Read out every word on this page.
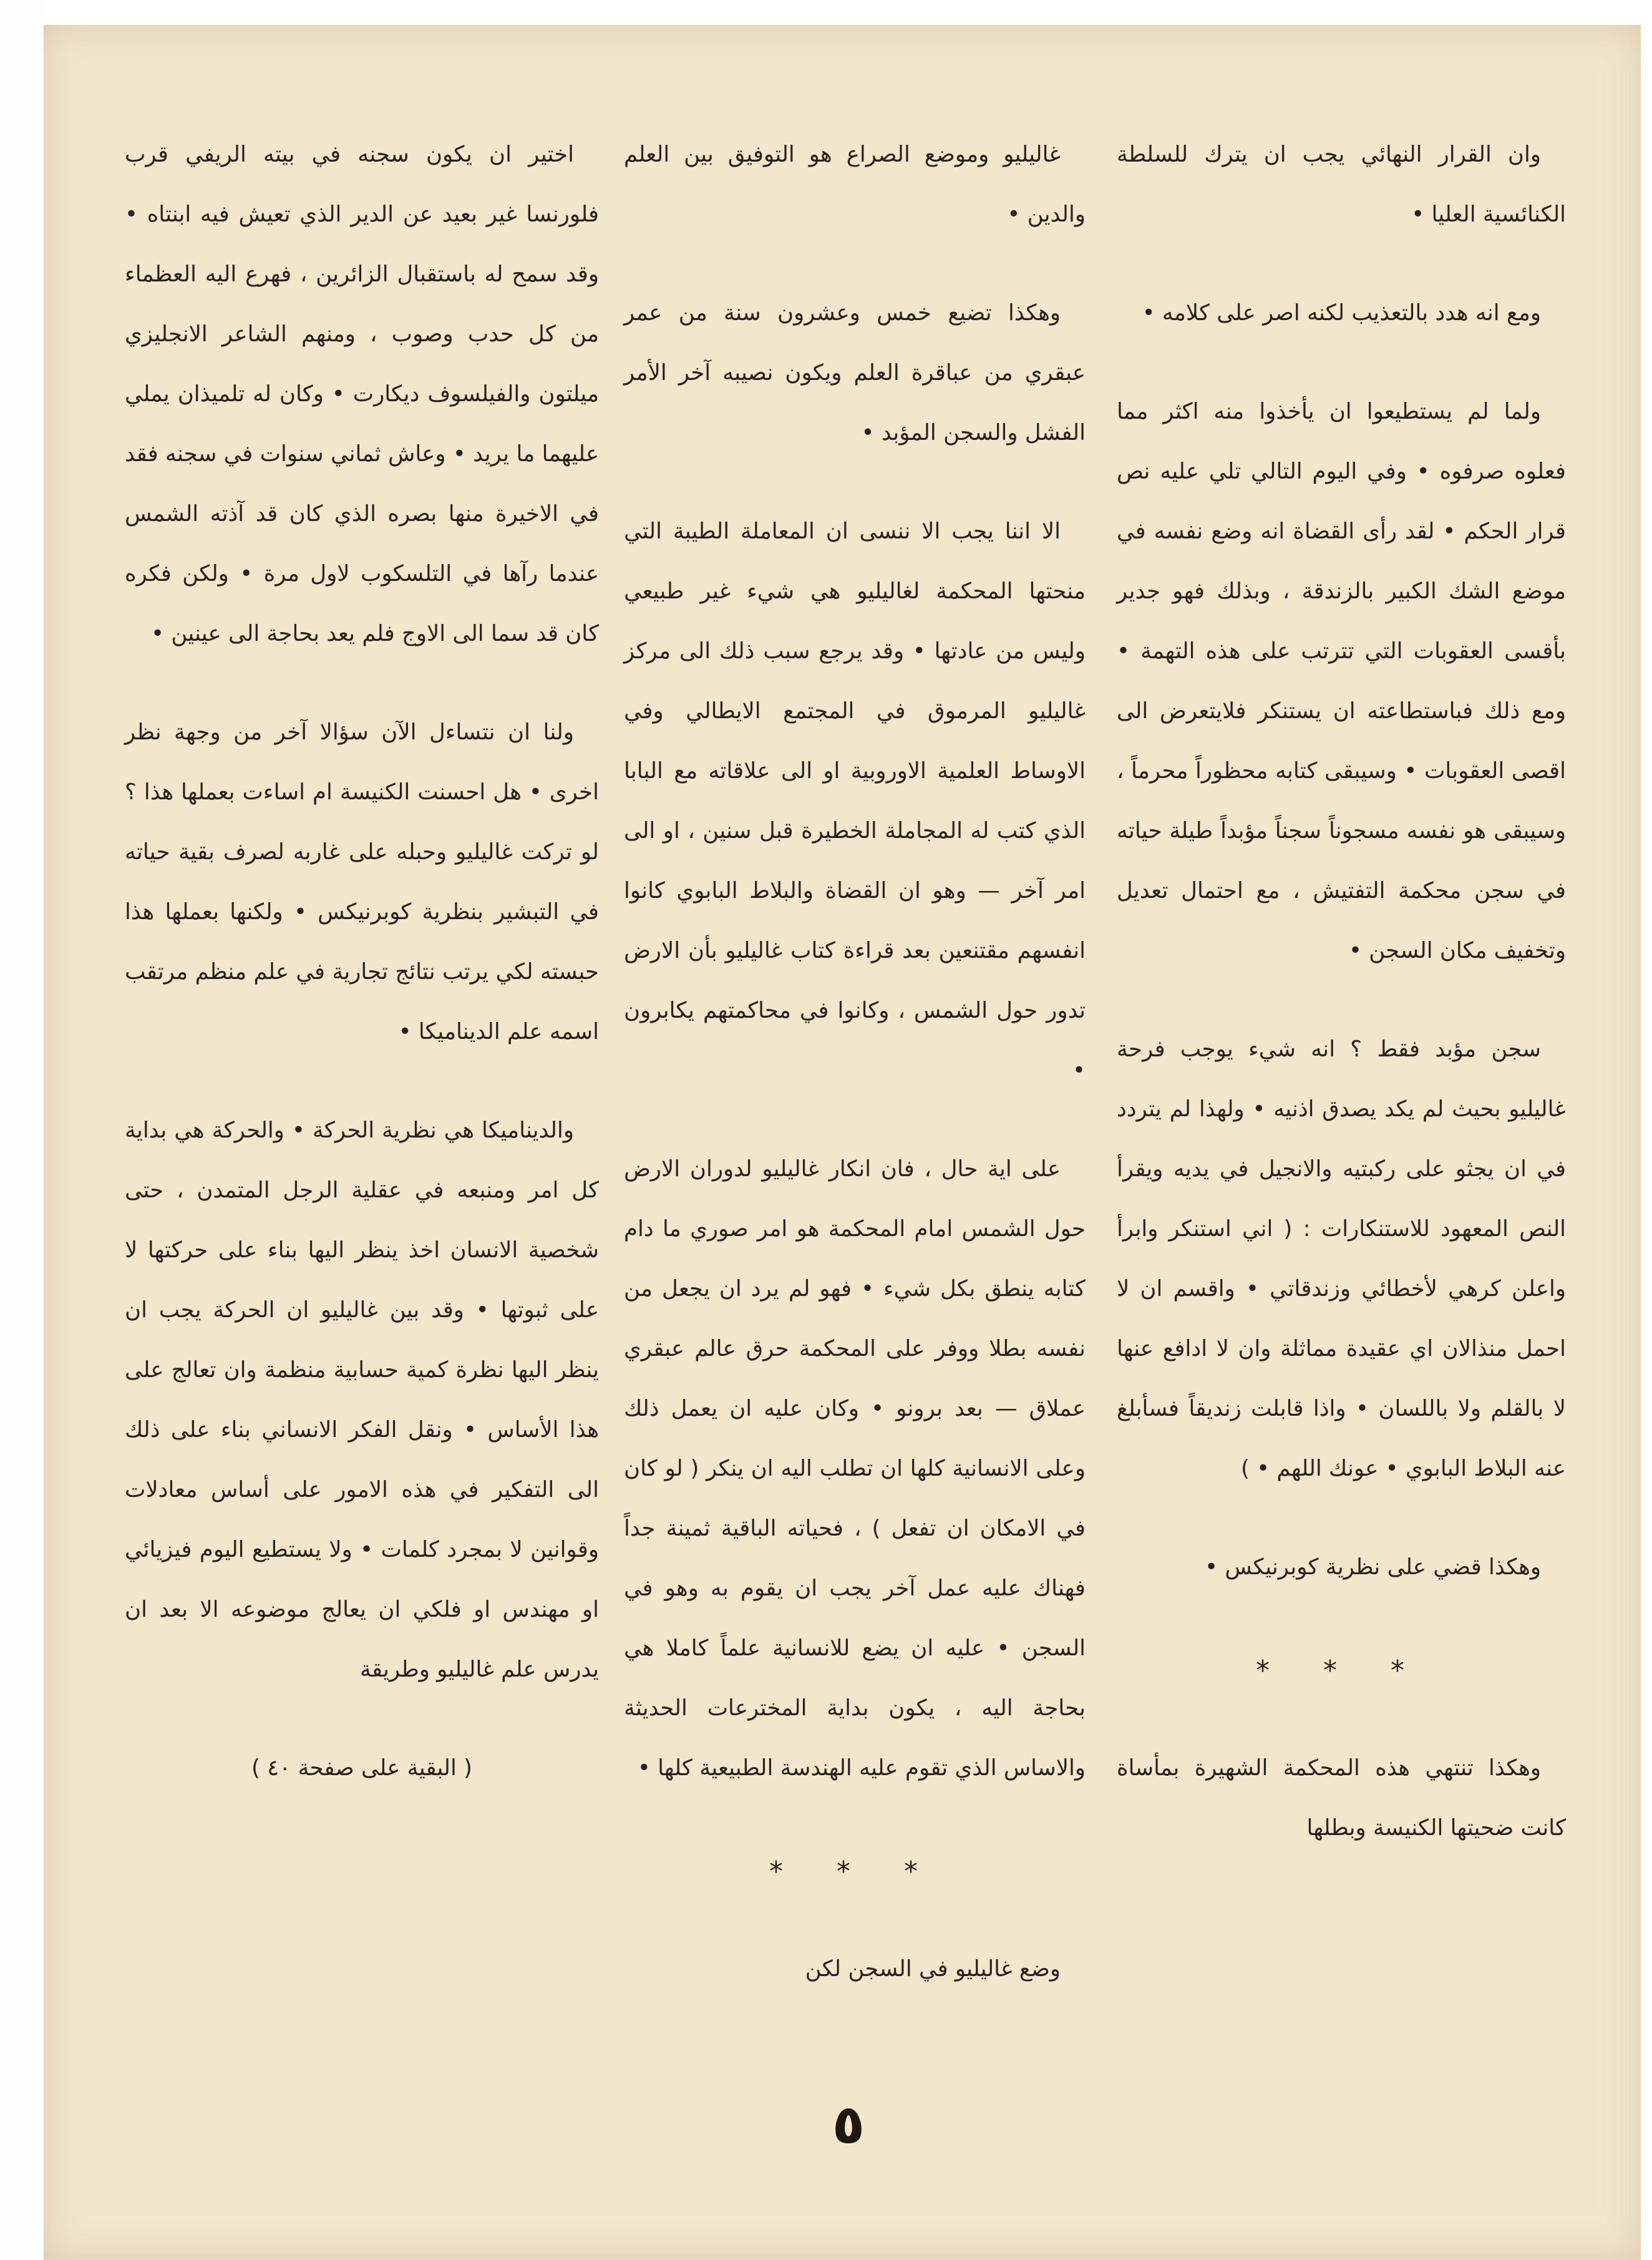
وان القرار النهائي يجب ان يترك للسلطة الكنائسية العليا •

ومع انه هدد بالتعذيب لكنه اصر على كلامه •

ولما لم يستطيعوا ان يأخذوا منه اكثر مما فعلوه صرفوه • وفي اليوم التالي تلي عليه نص قرار الحكم • لقد رأى القضاة انه وضع نفسه في موضع الشك الكبير بالزندقة ، وبذلك فهو جدير بأقسى العقوبات التي تترتب على هذه التهمة • ومع ذلك فباستطاعته ان يستنكر فلايتعرض الى اقصى العقوبات • وسيبقى كتابه محظوراً محرماً ، وسيبقى هو نفسه مسجوناً سجناً مؤبداً طيلة حياته في سجن محكمة التفتيش ، مع احتمال تعديل وتخفيف مكان السجن •

سجن مؤبد فقط ؟ انه شيء يوجب فرحة غاليليو بحيث لم يكد يصدق اذنيه • ولهذا لم يتردد في ان يجثو على ركبتيه والانجيل في يديه ويقرأ النص المعهود للاستنكارات : ( اني استنكر وابرأ واعلن كرهي لأخطائي وزندقاتي • واقسم ان لا احمل منذالان اي عقيدة مماثلة وان لا ادافع عنها لا بالقلم ولا باللسان • واذا قابلت زنديقاً فسأبلغ عنه البلاط البابوي • عونك اللهم • )

وهكذا قضي على نظرية كوبرنيكس •

* * *

وهكذا تنتهي هذه المحكمة الشهيرة بمأساة كانت ضحيتها الكنيسة وبطلها

غاليليو وموضع الصراع هو التوفيق بين العلم والدين •

وهكذا تضيع خمس وعشرون سنة من عمر عبقري من عباقرة العلم ويكون نصيبه آخر الأمر الفشل والسجن المؤبد •

الا اننا يجب الا ننسى ان المعاملة الطيبة التي منحتها المحكمة لغاليليو هي شيء غير طبيعي وليس من عادتها • وقد يرجع سبب ذلك الى مركز غاليليو المرموق في المجتمع الايطالي وفي الاوساط العلمية الاوروبية او الى علاقاته مع البابا الذي كتب له المجاملة الخطيرة قبل سنين ، او الى امر آخر — وهو ان القضاة والبلاط البابوي كانوا انفسهم مقتنعين بعد قراءة كتاب غاليليو بأن الارض تدور حول الشمس ، وكانوا في محاكمتهم يكابرون •

على اية حال ، فان انكار غاليليو لدوران الارض حول الشمس امام المحكمة هو امر صوري ما دام كتابه ينطق بكل شيء • فهو لم يرد ان يجعل من نفسه بطلا ووفر على المحكمة حرق عالم عبقري عملاق — بعد برونو • وكان عليه ان يعمل ذلك وعلى الانسانية كلها ان تطلب اليه ان ينكر ( لو كان في الامكان ان تفعل ) ، فحياته الباقية ثمينة جداً فهناك عليه عمل آخر يجب ان يقوم به وهو في السجن • عليه ان يضع للانسانية علماً كاملا هي بحاجة اليه ، يكون بداية المخترعات الحديثة والاساس الذي تقوم عليه الهندسة الطبيعية كلها •

* * *

وضع غاليليو في السجن لكن

اختير ان يكون سجنه في بيته الريفي قرب فلورنسا غير بعيد عن الدير الذي تعيش فيه ابنتاه • وقد سمح له باستقبال الزائرين ، فهرع اليه العظماء من كل حدب وصوب ، ومنهم الشاعر الانجليزي ميلتون والفيلسوف ديكارت • وكان له تلميذان يملي عليهما ما يريد • وعاش ثماني سنوات في سجنه فقد في الاخيرة منها بصره الذي كان قد آذته الشمس عندما رآها في التلسكوب لاول مرة • ولكن فكره كان قد سما الى الاوج فلم يعد بحاجة الى عينين •

ولنا ان نتساءل الآن سؤالا آخر من وجهة نظر اخرى • هل احسنت الكنيسة ام اساءت بعملها هذا ؟ لو تركت غاليليو وحبله على غاربه لصرف بقية حياته في التبشير بنظرية كوبرنيكس • ولكنها بعملها هذا حبسته لكي يرتب نتائج تجارية في علم منظم مرتقب اسمه علم الديناميكا •

والديناميكا هي نظرية الحركة • والحركة هي بداية كل امر ومنبعه في عقلية الرجل المتمدن ، حتى شخصية الانسان اخذ ينظر اليها بناء على حركتها لا على ثبوتها • وقد بين غاليليو ان الحركة يجب ان ينظر اليها نظرة كمية حسابية منظمة وان تعالج على هذا الأساس • ونقل الفكر الانساني بناء على ذلك الى التفكير في هذه الامور على أساس معادلات وقوانين لا بمجرد كلمات • ولا يستطيع اليوم فيزيائي او مهندس او فلكي ان يعالج موضوعه الا بعد ان يدرس علم غاليليو وطريقة

( البقية على صفحة ٤٠ )
٥
